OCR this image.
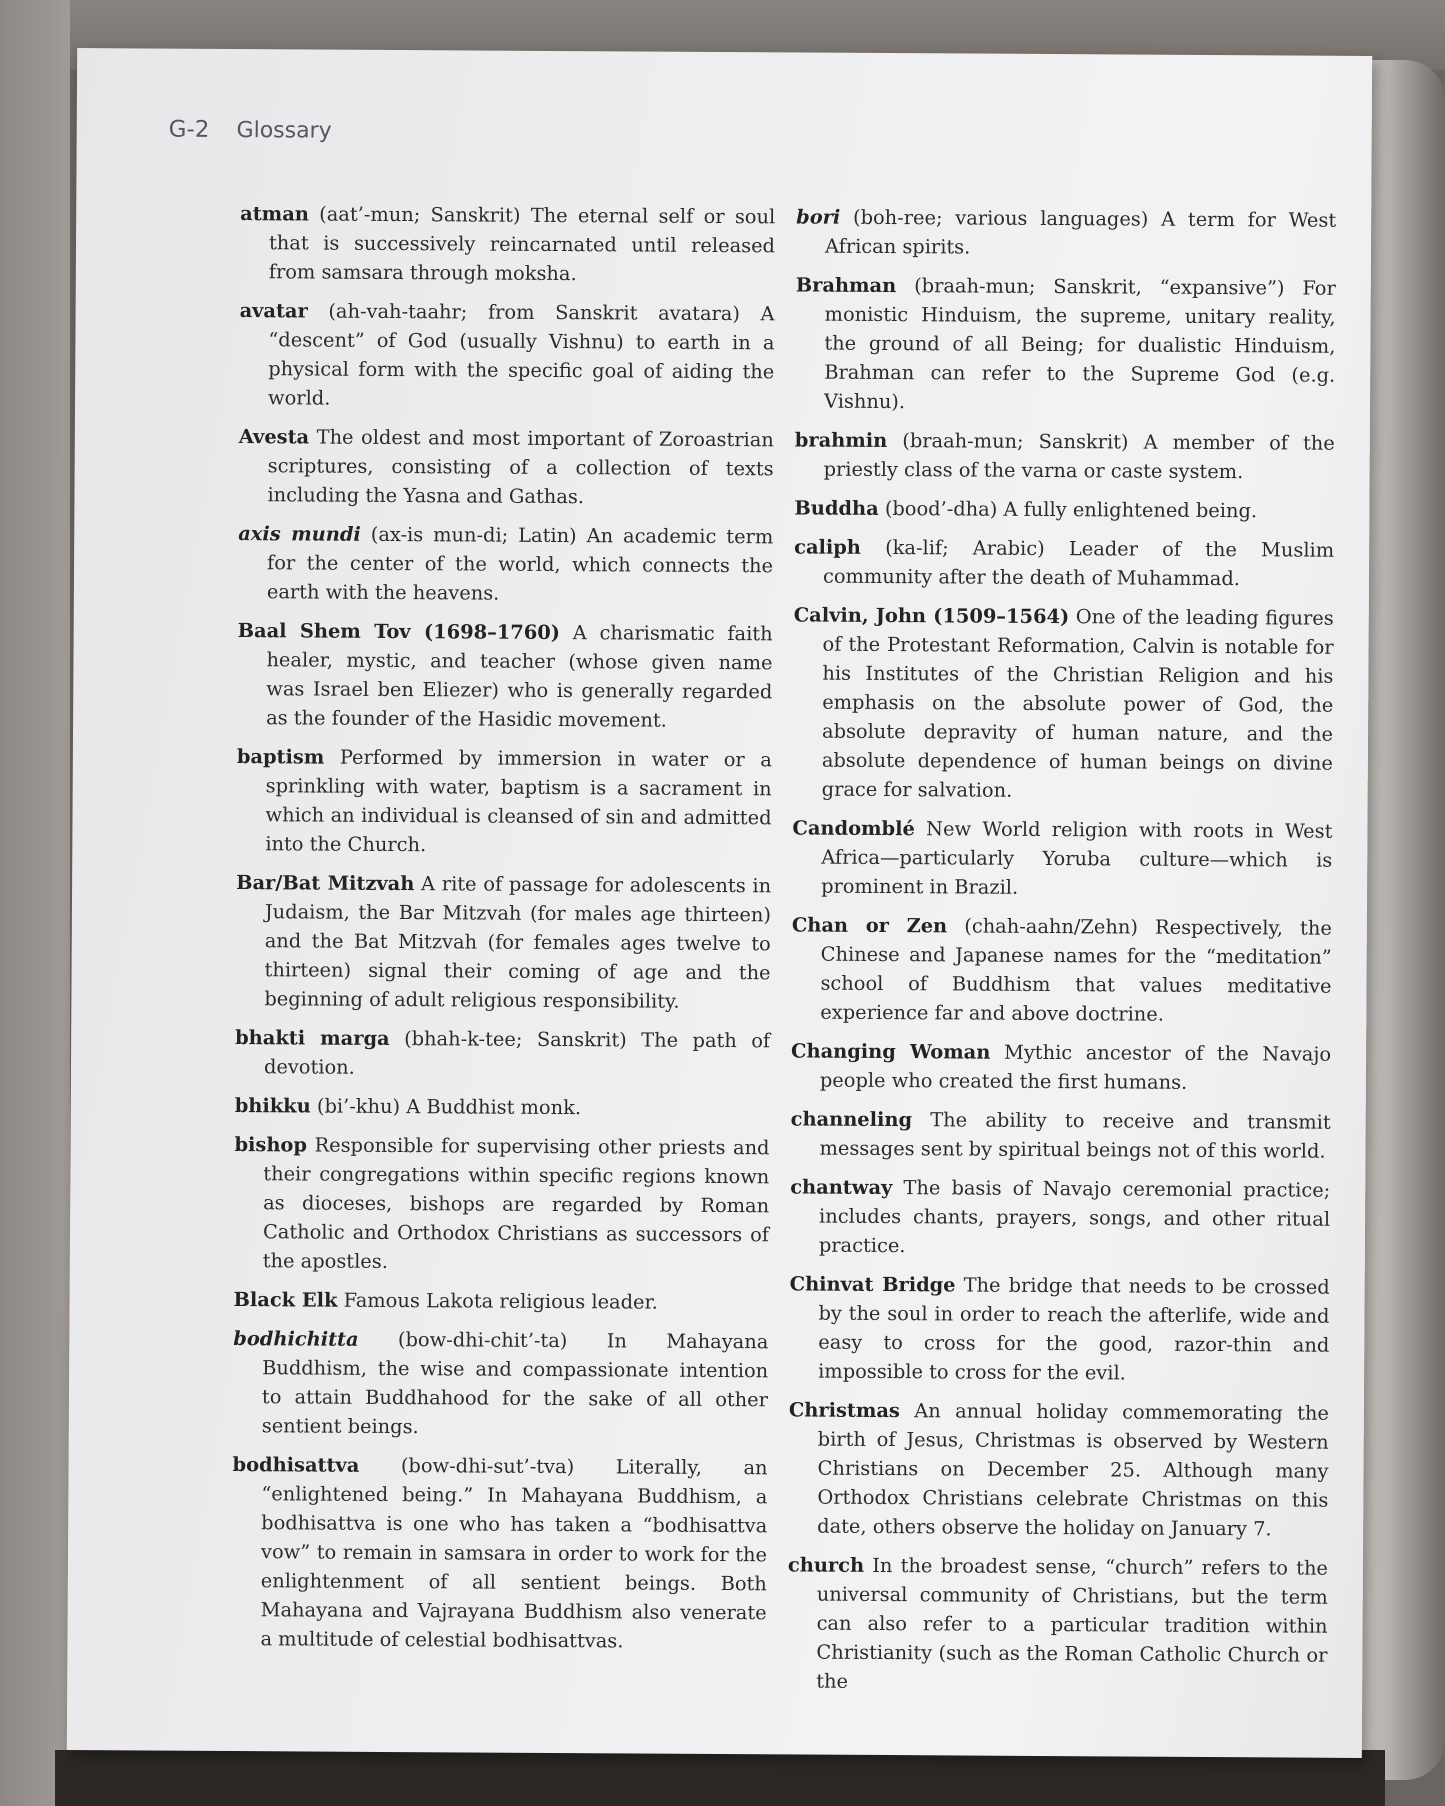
G-2 Glossary

atman (aat’-mun; Sanskrit) The eternal self or soul that is successively reincarnated until released from samsara through moksha.

avatar (ah-vah-taahr; from Sanskrit avatara) A “descent” of God (usually Vishnu) to earth in a physical form with the specific goal of aiding the world.

Avesta The oldest and most important of Zoroastrian scriptures, consisting of a collection of texts including the Yasna and Gathas.

axis mundi (ax-is mun-di; Latin) An academic term for the center of the world, which connects the earth with the heavens.

Baal Shem Tov (1698–1760) A charismatic faith healer, mystic, and teacher (whose given name was Israel ben Eliezer) who is generally regarded as the founder of the Hasidic movement.

baptism Performed by immersion in water or a sprinkling with water, baptism is a sacrament in which an individual is cleansed of sin and admitted into the Church.

Bar/Bat Mitzvah A rite of passage for adolescents in Judaism, the Bar Mitzvah (for males age thirteen) and the Bat Mitzvah (for females ages twelve to thirteen) signal their coming of age and the beginning of adult religious responsibility.

bhakti marga (bhah-k-tee; Sanskrit) The path of devotion.

bhikku (bi’-khu) A Buddhist monk.

bishop Responsible for supervising other priests and their congregations within specific regions known as dioceses, bishops are regarded by Roman Catholic and Orthodox Christians as successors of the apostles.

Black Elk Famous Lakota religious leader.

bodhichitta (bow-dhi-chit’-ta) In Mahayana Buddhism, the wise and compassionate intention to attain Buddhahood for the sake of all other sentient beings.

bodhisattva (bow-dhi-sut’-tva) Literally, an “enlightened being.” In Mahayana Buddhism, a bodhisattva is one who has taken a “bodhisattva vow” to remain in samsara in order to work for the enlightenment of all sentient beings. Both Mahayana and Vajrayana Buddhism also venerate a multitude of celestial bodhisattvas.

bori (boh-ree; various languages) A term for West African spirits.

Brahman (braah-mun; Sanskrit, “expansive”) For monistic Hinduism, the supreme, unitary reality, the ground of all Being; for dualistic Hinduism, Brahman can refer to the Supreme God (e.g. Vishnu).

brahmin (braah-mun; Sanskrit) A member of the priestly class of the varna or caste system.

Buddha (bood’-dha) A fully enlightened being.

caliph (ka-lif; Arabic) Leader of the Muslim community after the death of Muhammad.

Calvin, John (1509–1564) One of the leading figures of the Protestant Reformation, Calvin is notable for his Institutes of the Christian Religion and his emphasis on the absolute power of God, the absolute depravity of human nature, and the absolute dependence of human beings on divine grace for salvation.

Candomblé New World religion with roots in West Africa—particularly Yoruba culture—which is prominent in Brazil.

Chan or Zen (chah-aahn/Zehn) Respectively, the Chinese and Japanese names for the “meditation” school of Buddhism that values meditative experience far and above doctrine.

Changing Woman Mythic ancestor of the Navajo people who created the first humans.

channeling The ability to receive and transmit messages sent by spiritual beings not of this world.

chantway The basis of Navajo ceremonial practice; includes chants, prayers, songs, and other ritual practice.

Chinvat Bridge The bridge that needs to be crossed by the soul in order to reach the afterlife, wide and easy to cross for the good, razor-thin and impossible to cross for the evil.

Christmas An annual holiday commemorating the birth of Jesus, Christmas is observed by Western Christians on December 25. Although many Orthodox Christians celebrate Christmas on this date, others observe the holiday on January 7.

church In the broadest sense, “church” refers to the universal community of Christians, but the term can also refer to a particular tradition within Christianity (such as the Roman Catholic Church or the
